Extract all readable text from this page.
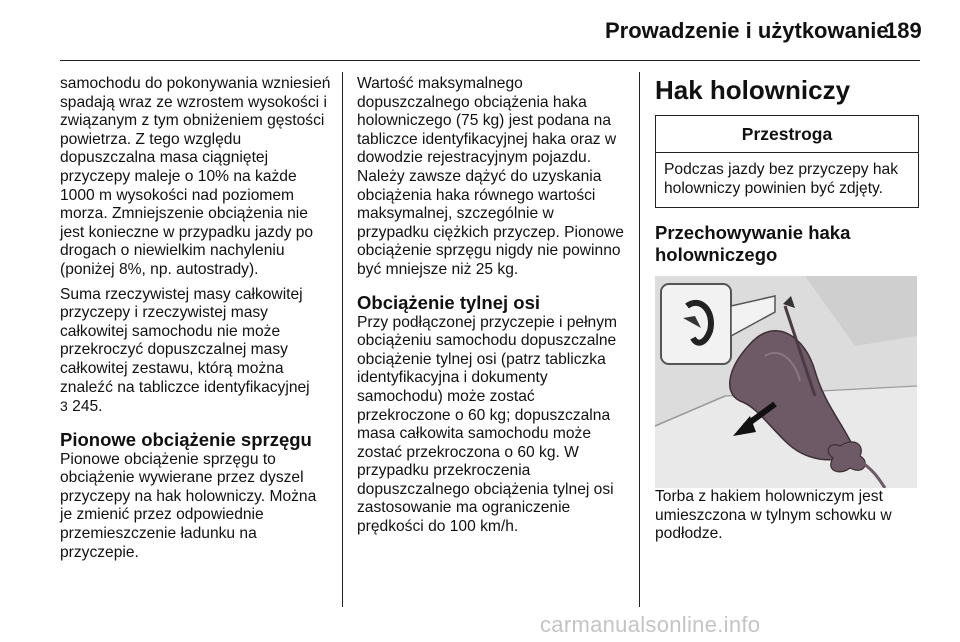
Prowadzenie i użytkowanie
189

samochodu do pokonywania wzniesień spadają wraz ze wzrostem wysokości i związanym z tym obniżeniem gęstości powietrza. Z tego względu dopuszczalna masa ciągniętej przyczepy maleje o 10% na każde 1000 m wysokości nad poziomem morza. Zmniejszenie obciążenia nie jest konieczne w przypadku jazdy po drogach o niewielkim nachyleniu (poniżej 8%, np. autostrady).

Suma rzeczywistej masy całkowitej przyczepy i rzeczywistej masy całkowitej samochodu nie może przekroczyć dopuszczalnej masy całkowitej zestawu, którą można znaleźć na tabliczce identyfikacyjnej
3 245.

Pionowe obciążenie sprzęgu

Pionowe obciążenie sprzęgu to obciążenie wywierane przez dyszel przyczepy na hak holowniczy. Można je zmienić przez odpowiednie przemieszczenie ładunku na przyczepie.

Wartość maksymalnego dopuszczalnego obciążenia haka holowniczego (75 kg) jest podana na tabliczce identyfikacyjnej haka oraz w dowodzie rejestracyjnym pojazdu. Należy zawsze dążyć do uzyskania obciążenia haka równego wartości maksymalnej, szczególnie w przypadku ciężkich przyczep. Pionowe obciążenie sprzęgu nigdy nie powinno być mniejsze niż 25 kg.

Obciążenie tylnej osi

Przy podłączonej przyczepie i pełnym obciążeniu samochodu dopuszczalne obciążenie tylnej osi (patrz tabliczka identyfikacyjna i dokumenty samochodu) może zostać przekroczone o 60 kg; dopuszczalna masa całkowita samochodu może zostać przekroczona o 60 kg. W przypadku przekroczenia dopuszczalnego obciążenia tylnej osi zastosowanie ma ograniczenie prędkości do 100 km/h.

Hak holowniczy
Przestroga
Podczas jazdy bez przyczepy hak holowniczy powinien być zdjęty.
Przechowywanie haka holowniczego

Torba z hakiem holowniczym jest umieszczona w tylnym schowku w podłodze.

carmanualsonline.info
